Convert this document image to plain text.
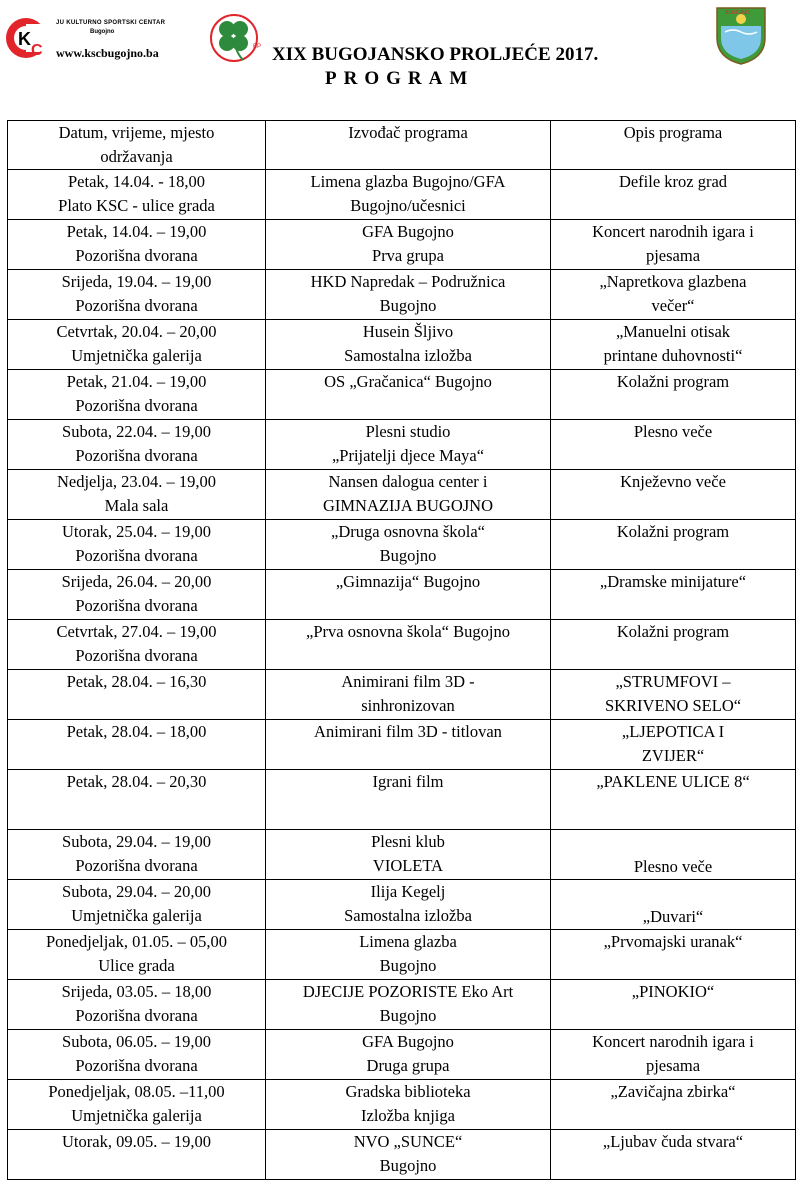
K
C
JU KULTURNO SPORTSKI CENTAR
Bugojno
www.kscbugojno.ba	BP XIX BUGOJANSKO PROLJEĆE 2017.
PROGRAM
BUGOJNO
Datum, vrijeme, mjesto
održavanja	Izvođač programa	Opis programa
Petak, 14.04. - 18,00
Plato KSC - ulice grada	Limena glazba Bugojno/GFA
Bugojno/učesnici	Defile kroz grad
Petak, 14.04. – 19,00
Pozorišna dvorana	GFA Bugojno
Prva grupa	Koncert narodnih igara i
pjesama
Srijeda, 19.04. – 19,00
Pozorišna dvorana	HKD Napredak – Podružnica
Bugojno	„Napretkova glazbena
večer“
Cetvrtak, 20.04. – 20,00
Umjetnička galerija	Husein Šljivo
Samostalna izložba	„Manuelni otisak
printane duhovnosti“
Petak, 21.04. – 19,00
Pozorišna dvorana	OS „Gračanica“ Bugojno	Kolažni program
Subota, 22.04. – 19,00
Pozorišna dvorana	Plesni studio
„Prijatelji djece Maya“	Plesno veče
Nedjelja, 23.04. – 19,00
Mala sala	Nansen dalogua center i
GIMNAZIJA BUGOJNO	Knježevno veče
Utorak, 25.04. – 19,00
Pozorišna dvorana	„Druga osnovna škola“
Bugojno	Kolažni program
Srijeda, 26.04. – 20,00
Pozorišna dvorana	„Gimnazija“ Bugojno	„Dramske minijature“
Cetvrtak, 27.04. – 19,00
Pozorišna dvorana	„Prva osnovna škola“ Bugojno	Kolažni program
Petak, 28.04. – 16,30	Animirani film 3D -
sinhronizovan	„STRUMFOVI –
SKRIVENO SELO“
Petak, 28.04. – 18,00	Animirani film 3D - titlovan	„LJEPOTICA I
ZVIJER“
Petak, 28.04. – 20,30	Igrani film	„PAKLENE ULICE 8“
Subota, 29.04. – 19,00
Pozorišna dvorana	Plesni klub
VIOLETA	Plesno veče
Subota, 29.04. – 20,00
Umjetnička galerija	Ilija Kegelj
Samostalna izložba	„Duvari“
Ponedjeljak, 01.05. – 05,00
Ulice grada	Limena glazba
Bugojno	„Prvomajski uranak“
Srijeda, 03.05. – 18,00
Pozorišna dvorana	DJECIJE POZORISTE Eko Art
Bugojno	„PINOKIO“
Subota, 06.05. – 19,00
Pozorišna dvorana	GFA Bugojno
Druga grupa	Koncert narodnih igara i
pjesama
Ponedjeljak, 08.05. –11,00
Umjetnička galerija	Gradska biblioteka
Izložba knjiga	„Zavičajna zbirka“
Utorak, 09.05. – 19,00	NVO „SUNCE“
Bugojno	„Ljubav čuda stvara“
